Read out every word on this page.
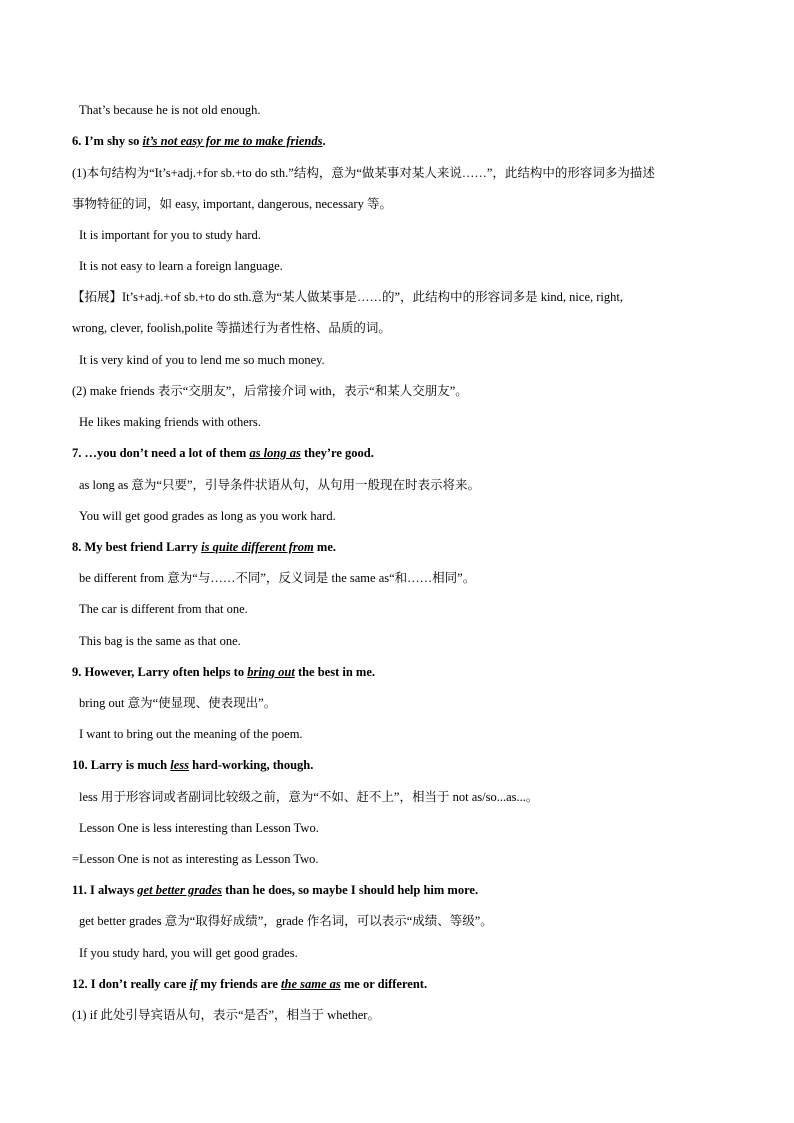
That’s because he is not old enough.
6. I’m shy so it’s not easy for me to make friends.
(1)本句结构为“It’s+adj.+for sb.+to do sth.”结构，意为“做某事对某人来说……”，此结构中的形容词多为描述
事物特征的词，如 easy, important, dangerous, necessary 等。
It is important for you to study hard.
It is not easy to learn a foreign language.
【拓展】It’s+adj.+of sb.+to do sth.意为“某人做某事是……的”，此结构中的形容词多是 kind, nice, right,
wrong, clever, foolish,polite 等描述行为者性格、品质的词。
It is very kind of you to lend me so much money.
(2) make friends 表示“交朋友”，后常接介词 with，表示“和某人交朋友”。
He likes making friends with others.
7. …you don’t need a lot of them as long as they’re good.
as long as 意为“只要”，引导条件状语从句，从句用一般现在时表示将来。
You will get good grades as long as you work hard.
8. My best friend Larry is quite different from me.
be different from 意为“与……不同”，反义词是 the same as“和……相同”。
The car is different from that one.
This bag is the same as that one.
9. However, Larry often helps to bring out the best in me.
bring out 意为“使显现、使表现出”。
I want to bring out the meaning of the poem.
10. Larry is much less hard-working, though.
less 用于形容词或者副词比较级之前，意为“不如、赶不上”，相当于 not as/so...as...。
Lesson One is less interesting than Lesson Two.
=Lesson One is not as interesting as Lesson Two.
11. I always get better grades than he does, so maybe I should help him more.
get better grades 意为“取得好成绩”，grade 作名词，可以表示“成绩、等级”。
If you study hard, you will get good grades.
12. I don’t really care if my friends are the same as me or different.
(1) if 此处引导宾语从句，表示“是否”，相当于 whether。
